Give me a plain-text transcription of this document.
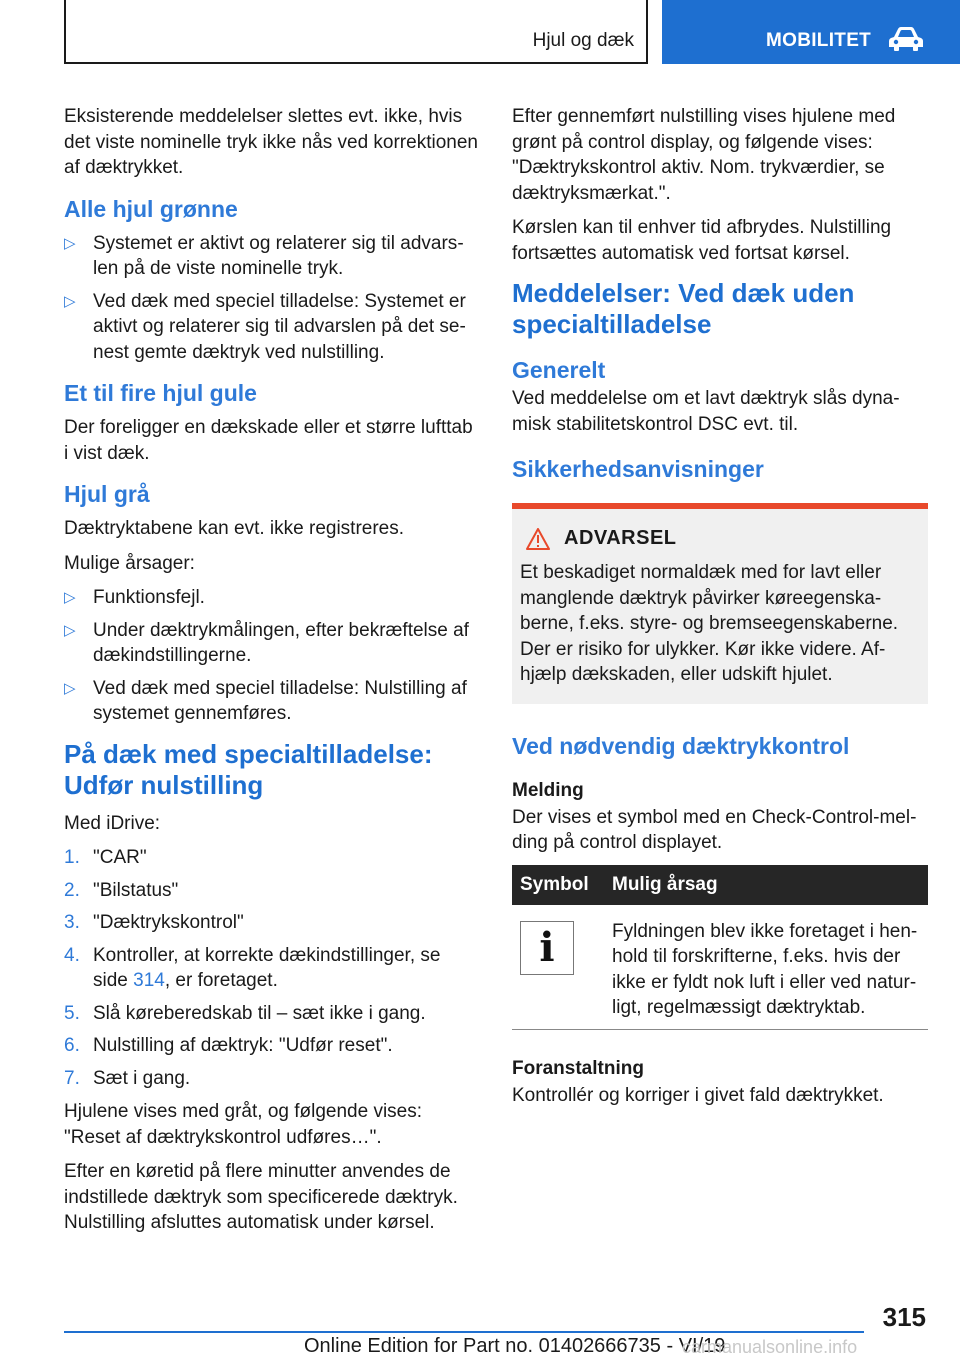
Hjul og dæk	MOBILITET

Eksisterende meddelelser slettes evt. ikke, hvis det viste nominelle tryk ikke nås ved korrektionen af dæktrykket.

Alle hjul grønne
▷ Systemet er aktivt og relaterer sig til advarslen på de viste nominelle tryk.
▷ Ved dæk med speciel tilladelse: Systemet er aktivt og relaterer sig til advarslen på det senest gemte dæktryk ved nulstilling.
Et til fire hjul gule

Der foreligger en dækskade eller et større lufttab i vist dæk.

Hjul grå

Dæktryktabene kan evt. ikke registreres.

Mulige årsager:

▷ Funktionsfejl.
▷ Under dæktrykmålingen, efter bekræftelse af dækindstillingerne.
▷ Ved dæk med speciel tilladelse: Nulstilling af systemet gennemføres.
På dæk med specialtilladelse: Udfør nulstilling

Med iDrive:

1. "CAR"
2. "Bilstatus"
3. "Dæktrykskontrol"
4. Kontroller, at korrekte dækindstillinger, se side 314, er foretaget.
5. Slå køreberedskab til – sæt ikke i gang.
6. Nulstilling af dæktryk: "Udfør reset".
7. Sæt i gang.

Hjulene vises med gråt, og følgende vises: "Reset af dæktrykskontrol udføres…".

Efter en køretid på flere minutter anvendes de indstillede dæktryk som specificerede dæktryk. Nulstilling afsluttes automatisk under kørsel.

Efter gennemført nulstilling vises hjulene med grønt på control display, og følgende vises: "Dæktrykskontrol aktiv. Nom. trykværdier, se dæktryksmærkat.".

Kørslen kan til enhver tid afbrydes. Nulstilling fortsættes automatisk ved fortsat kørsel.

Meddelelser: Ved dæk uden specialtilladelse
Generelt

Ved meddelelse om et lavt dæktryk slås dynamisk stabilitetskontrol DSC evt. til.

Sikkerhedsanvisninger
ADVARSEL

Et beskadiget normaldæk med for lavt eller manglende dæktryk påvirker køreegenskaberne, f.eks. styre- og bremseegenskaberne. Der er risiko for ulykker. Kør ikke videre. Afhjælp dækskaden, eller udskift hjulet.

Ved nødvendig dæktrykkontrol
Melding

Der vises et symbol med en Check-Control-melding på control displayet.

Symbol	Mulig årsag

i	Fyldningen blev ikke foretaget i henhold til forskrifterne, f.eks. hvis der ikke er fyldt nok luft i eller ved naturligt, regelmæssigt dæktryktab.
Foranstaltning

Kontrollér og korriger i givet fald dæktrykket.

315
Online Edition for Part no. 01402666735 - VI/19
carmanualsonline.info
